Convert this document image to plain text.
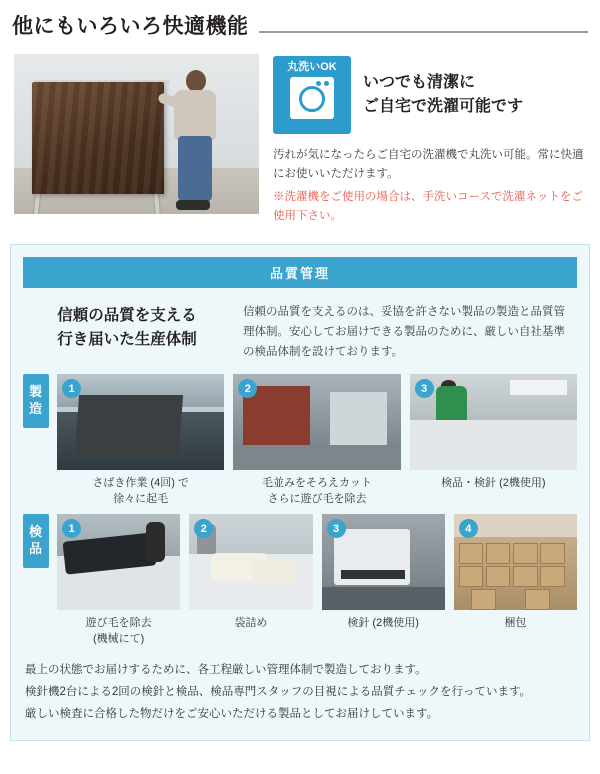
他にもいろいろ快適機能
丸洗いOK
いつでも清潔に
ご自宅で洗濯可能です
汚れが気になったらご自宅の洗濯機で丸洗い可能。常に快適にお使いいただけます。
※洗濯機をご使用の場合は、手洗いコースで洗濯ネットをご使用下さい。
品質管理
信頼の品質を支える
行き届いた生産体制
信頼の品質を支えるのは、妥協を許さない製品の製造と品質管理体制。安心してお届けできる製品のために、厳しい自社基準の検品体制を設けております。
製
造
1
さばき作業 (4回) で
徐々に起毛
2
毛並みをそろえカット
さらに遊び毛を除去
3
検品・検針 (2機使用)
検
品
1
遊び毛を除去
(機械にて)
2
袋詰め
3
検針 (2機使用)
4
梱包
最上の状態でお届けするために、各工程厳しい管理体制で製造しております。
検針機2台による2回の検針と検品、検品専門スタッフの目視による品質チェックを行っています。
厳しい検査に合格した物だけをご安心いただける製品としてお届けしています。
